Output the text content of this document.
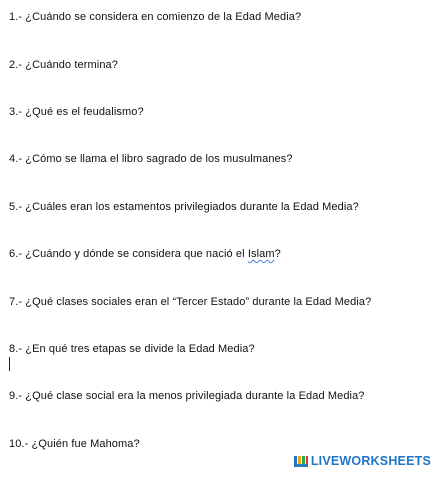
1.- ¿Cuándo se considera en comienzo de la Edad Media?
2.- ¿Cuándo termina?
3.- ¿Qué es el feudalismo?
4.- ¿Cómo se llama el libro sagrado de los musulmanes?
5.- ¿Cuáles eran los estamentos privilegiados durante la Edad Media?
6.- ¿Cuándo y dónde se considera que nació el Islam?
7.- ¿Qué clases sociales eran el “Tercer Estado” durante la Edad Media?
8.- ¿En qué tres etapas se divide la Edad Media?
9.- ¿Qué clase social era la menos privilegiada durante la Edad Media?
10.- ¿Quién fue Mahoma?
LIVEWORKSHEETS
